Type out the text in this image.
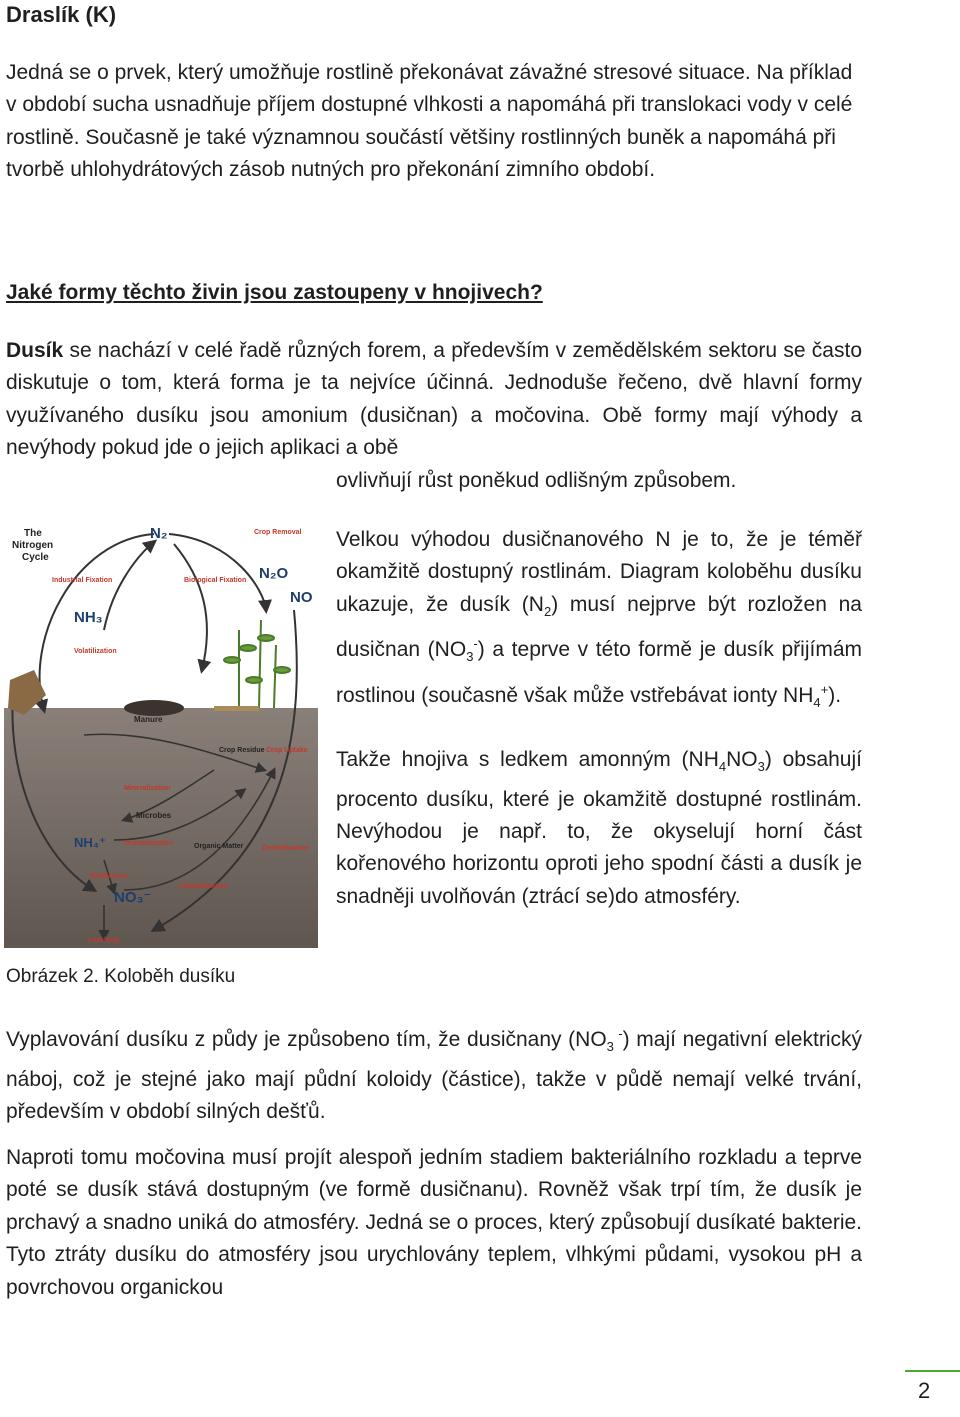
Draslík (K)

Jedná se o prvek, který umožňuje rostlině překonávat závažné stresové situace. Na příklad v období sucha usnadňuje příjem dostupné vlhkosti a napomáhá při translokaci vody v celé rostlině. Současně je také významnou součástí většiny rostlinných buněk a napomáhá při tvorbě uhlohydrátových zásob nutných pro překonání zimního období.

Jaké formy těchto živin jsou zastoupeny v hnojivech?

Dusík se nachází v celé řadě různých forem, a především v zemědělském sektoru se často diskutuje o tom, která forma je ta nejvíce účinná. Jednoduše řečeno, dvě hlavní formy využívaného dusíku jsou amonium (dusičnan) a močovina. Obě formy mají výhody a nevýhody pokud jde o jejich aplikaci a obě

ovlivňují růst poněkud odlišným způsobem.

The
Nitrogen
Cycle
N₂
N₂O
NO
NH₃
NH₄⁺
NO₃⁻
Industrial Fixation	Biological Fixation
Crop Removal
Volatilization
Manure
Crop Residue Crop Uptake
Mineralization
Microbes
Immobilization	Organic Matter	Denitrification
Nitrification
Immobilization
Leaching

Velkou výhodou dusičnanového N je to, že je téměř okamžitě dostupný rostlinám. Diagram koloběhu dusíku ukazuje, že dusík $(N_2)$ musí nejprve být rozložen na dusičnan $(NO_3^-)$ a teprve v této formě je dusík přijímám rostlinou (současně však může vstřebávat ionty $NH_4^+$).

Takže hnojiva s ledkem amonným $(NH_4NO_3)$ obsahují procento dusíku, které je okamžitě dostupné rostlinám. Nevýhodou je např. to, že okyselují horní část kořenového horizontu oproti jeho spodní části a dusík je snadněji uvolňován (ztrácí se)do atmosféry.

Obrázek 2. Koloběh dusíku

Vyplavování dusíku z půdy je způsobeno tím, že dusičnany ($NO_3$ -) mají negativní elektrický náboj, což je stejné jako mají půdní koloidy (částice), takže v půdě nemají velké trvání, především v období silných dešťů.

Naproti tomu močovina musí projít alespoň jedním stadiem bakteriálního rozkladu a teprve poté se dusík stává dostupným (ve formě dusičnanu). Rovněž však trpí tím, že dusík je prchavý a snadno uniká do atmosféry. Jedná se o proces, který způsobují dusíkaté bakterie. Tyto ztráty dusíku do atmosféry jsou urychlovány teplem, vlhkými půdami, vysokou pH a povrchovou organickou

2
